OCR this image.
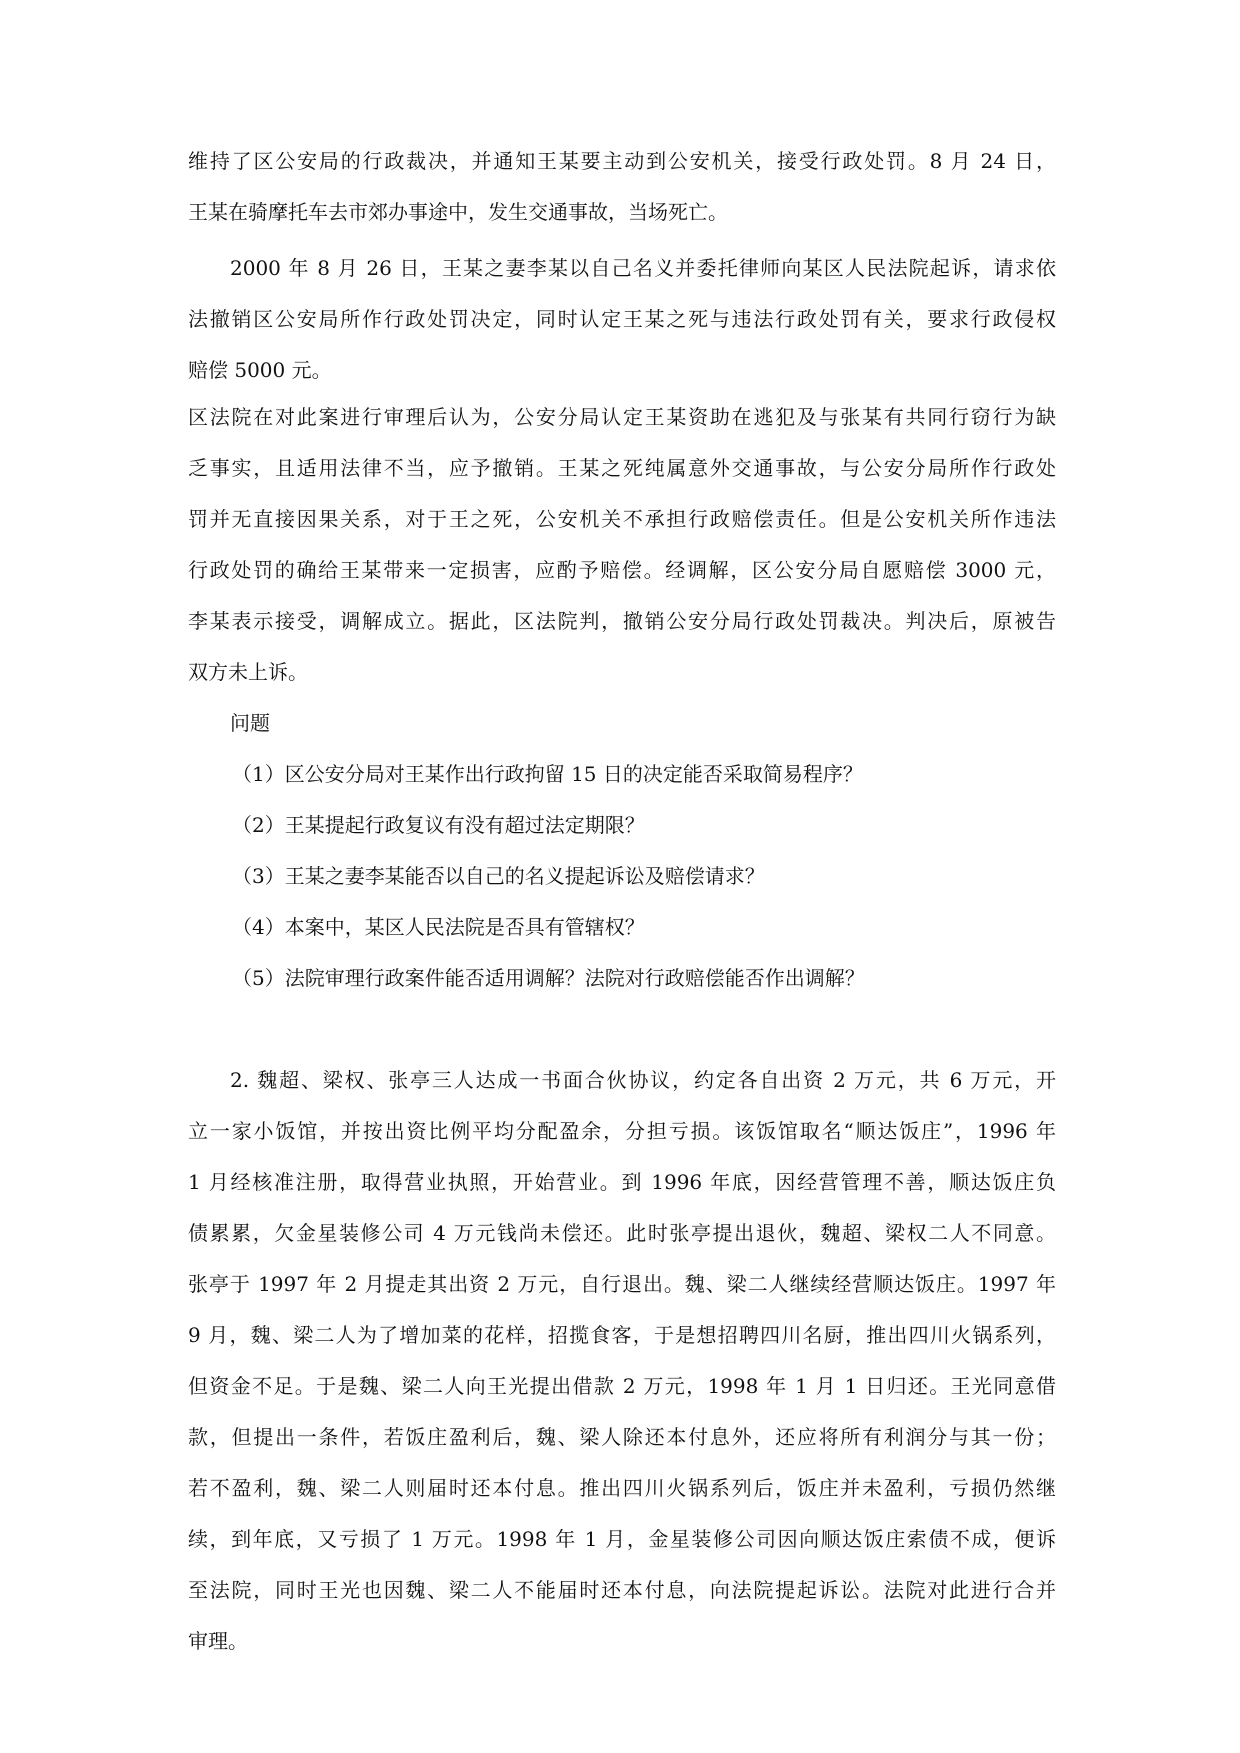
维持了区公安局的行政裁决，并通知王某要主动到公安机关，接受行政处罚。8 月 24 日，
王某在骑摩托车去市郊办事途中，发生交通事故，当场死亡。
2000 年 8 月 26 日，王某之妻李某以自己名义并委托律师向某区人民法院起诉，请求依
法撤销区公安局所作行政处罚决定，同时认定王某之死与违法行政处罚有关，要求行政侵权
赔偿 5000 元。
区法院在对此案进行审理后认为，公安分局认定王某资助在逃犯及与张某有共同行窃行为缺
乏事实，且适用法律不当，应予撤销。王某之死纯属意外交通事故，与公安分局所作行政处
罚并无直接因果关系，对于王之死，公安机关不承担行政赔偿责任。但是公安机关所作违法
行政处罚的确给王某带来一定损害，应酌予赔偿。经调解，区公安分局自愿赔偿 3000 元，
李某表示接受，调解成立。据此，区法院判，撤销公安分局行政处罚裁决。判决后，原被告
双方未上诉。
问题
（1）区公安分局对王某作出行政拘留 15 日的决定能否采取简易程序？
（2）王某提起行政复议有没有超过法定期限？
（3）王某之妻李某能否以自己的名义提起诉讼及赔偿请求？
（4）本案中，某区人民法院是否具有管辖权？
（5）法院审理行政案件能否适用调解？法院对行政赔偿能否作出调解？
2. 魏超、梁权、张亭三人达成一书面合伙协议，约定各自出资 2 万元，共 6 万元，开
立一家小饭馆，并按出资比例平均分配盈余，分担亏损。该饭馆取名“顺达饭庄”，1996 年
1 月经核准注册，取得营业执照，开始营业。到 1996 年底，因经营管理不善，顺达饭庄负
债累累，欠金星装修公司 4 万元钱尚未偿还。此时张亭提出退伙，魏超、梁权二人不同意。
张亭于 1997 年 2 月提走其出资 2 万元，自行退出。魏、梁二人继续经营顺达饭庄。1997 年
9 月，魏、梁二人为了增加菜的花样，招揽食客，于是想招聘四川名厨，推出四川火锅系列，
但资金不足。于是魏、梁二人向王光提出借款 2 万元，1998 年 1 月 1 日归还。王光同意借
款，但提出一条件，若饭庄盈利后，魏、梁人除还本付息外，还应将所有利润分与其一份；
若不盈利，魏、梁二人则届时还本付息。推出四川火锅系列后，饭庄并未盈利，亏损仍然继
续，到年底，又亏损了 1 万元。1998 年 1 月，金星装修公司因向顺达饭庄索债不成，便诉
至法院，同时王光也因魏、梁二人不能届时还本付息，向法院提起诉讼。法院对此进行合并
审理。
